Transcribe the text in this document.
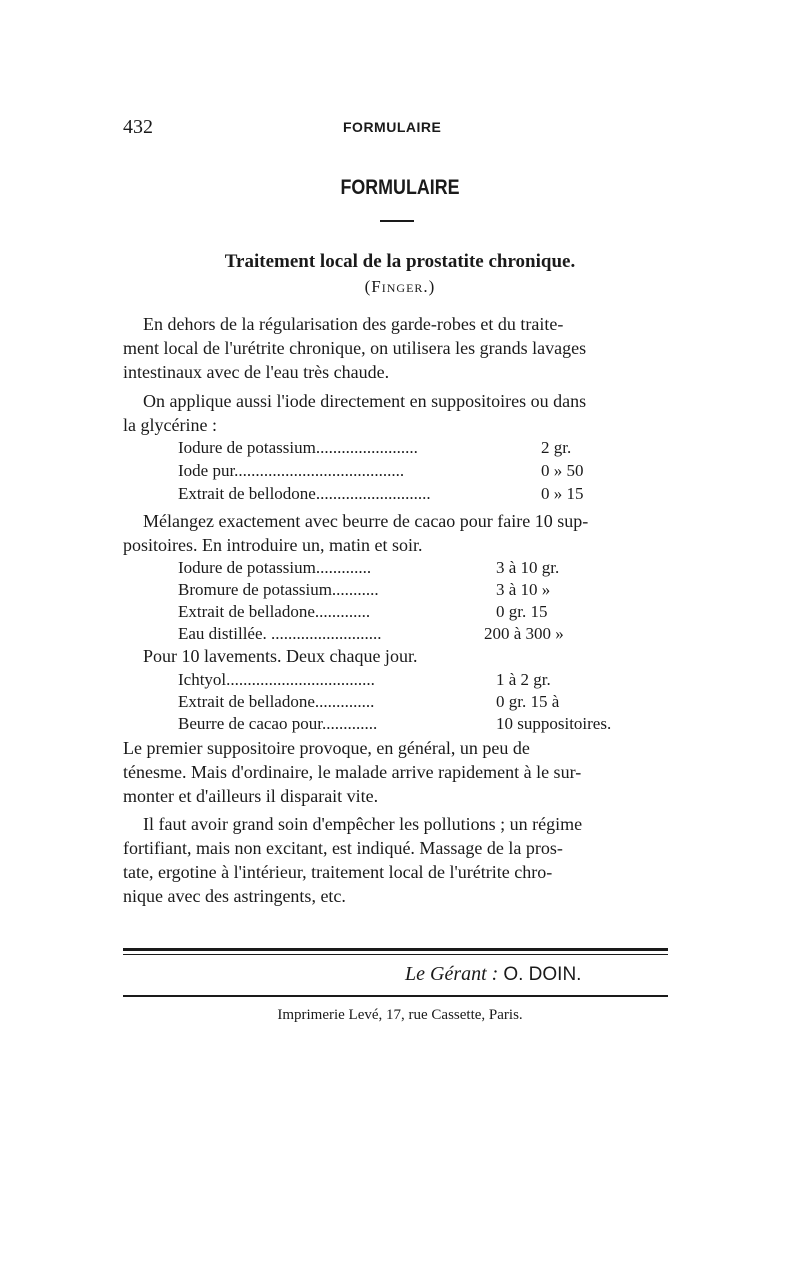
432	FORMULAIRE
FORMULAIRE
Traitement local de la prostatite chronique.
(Finger.)
En dehors de la régularisation des garde-robes et du traite-
ment local de l'urétrite chronique, on utilisera les grands lavages
intestinaux avec de l'eau très chaude.
On applique aussi l'iode directement en suppositoires ou dans
la glycérine :
Iodure de potassium........................	2 gr.
Iode pur........................................	0 » 50
Extrait de bellodone...........................	0 » 15
Mélangez exactement avec beurre de cacao pour faire 10 sup-
positoires. En introduire un, matin et soir.
Iodure de potassium.............	3 à 10 gr.
Bromure de potassium...........	3 à 10 »
Extrait de belladone.............	0 gr. 15
Eau distillée. ..........................	200 à 300 »
Pour 10 lavements. Deux chaque jour.
Ichtyol...................................	1 à 2 gr.
Extrait de belladone..............	0 gr. 15 à
Beurre de cacao pour.............	10 suppositoires.
Le premier suppositoire provoque, en général, un peu de
ténesme. Mais d'ordinaire, le malade arrive rapidement à le sur-
monter et d'ailleurs il disparait vite.
Il faut avoir grand soin d'empêcher les pollutions ; un régime
fortifiant, mais non excitant, est indiqué. Massage de la pros-
tate, ergotine à l'intérieur, traitement local de l'urétrite chro-
nique avec des astringents, etc.
Le Gérant : O. DOIN.
Imprimerie Levé, 17, rue Cassette, Paris.
